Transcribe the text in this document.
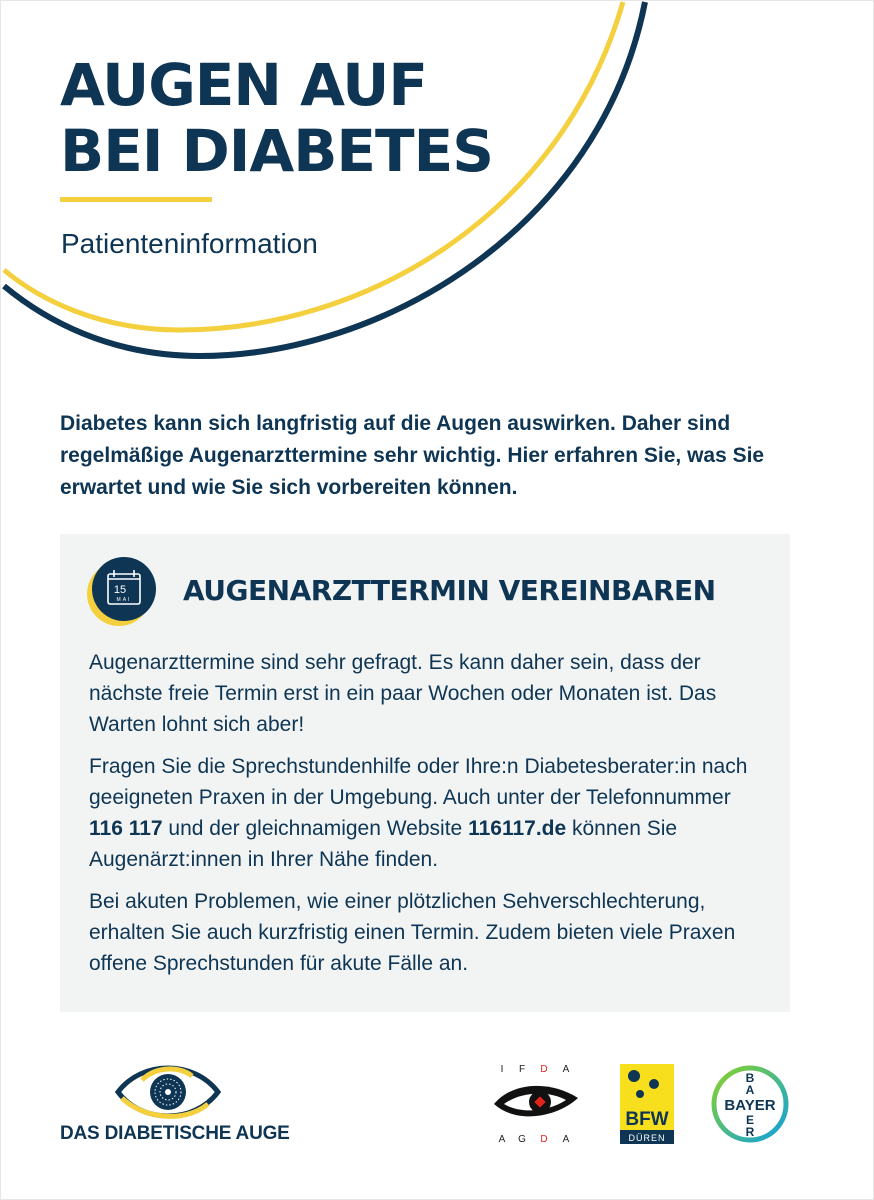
AUGEN AUF
BEI DIABETES
Patienteninformation

Diabetes kann sich langfristig auf die Augen auswirken. Daher sind regelmäßige Augenarzttermine sehr wichtig. Hier erfahren Sie, was Sie erwartet und wie Sie sich vorbereiten können.

15
MAI AUGENARZTTERMIN VEREINBAREN

Augenarzttermine sind sehr gefragt. Es kann daher sein, dass der nächste freie Termin erst in ein paar Wochen oder Monaten ist. Das Warten lohnt sich aber!

Fragen Sie die Sprechstundenhilfe oder Ihre:n Diabetesberater:in nach geeigneten Praxen in der Umgebung. Auch unter der Telefonnummer 116 117 und der gleichnamigen Website 116117.de können Sie Augenärzt:innen in Ihrer Nähe finden.

Bei akuten Problemen, wie einer plötzlichen Sehverschlechterung, erhalten Sie auch kurzfristig einen Termin. Zudem bieten viele Praxen offene Sprechstunden für akute Fälle an.

DAS DIABETISCHE AUGE
I F D A
A G D A
BFW
DÜREN
BAYER
B
A
E
R
